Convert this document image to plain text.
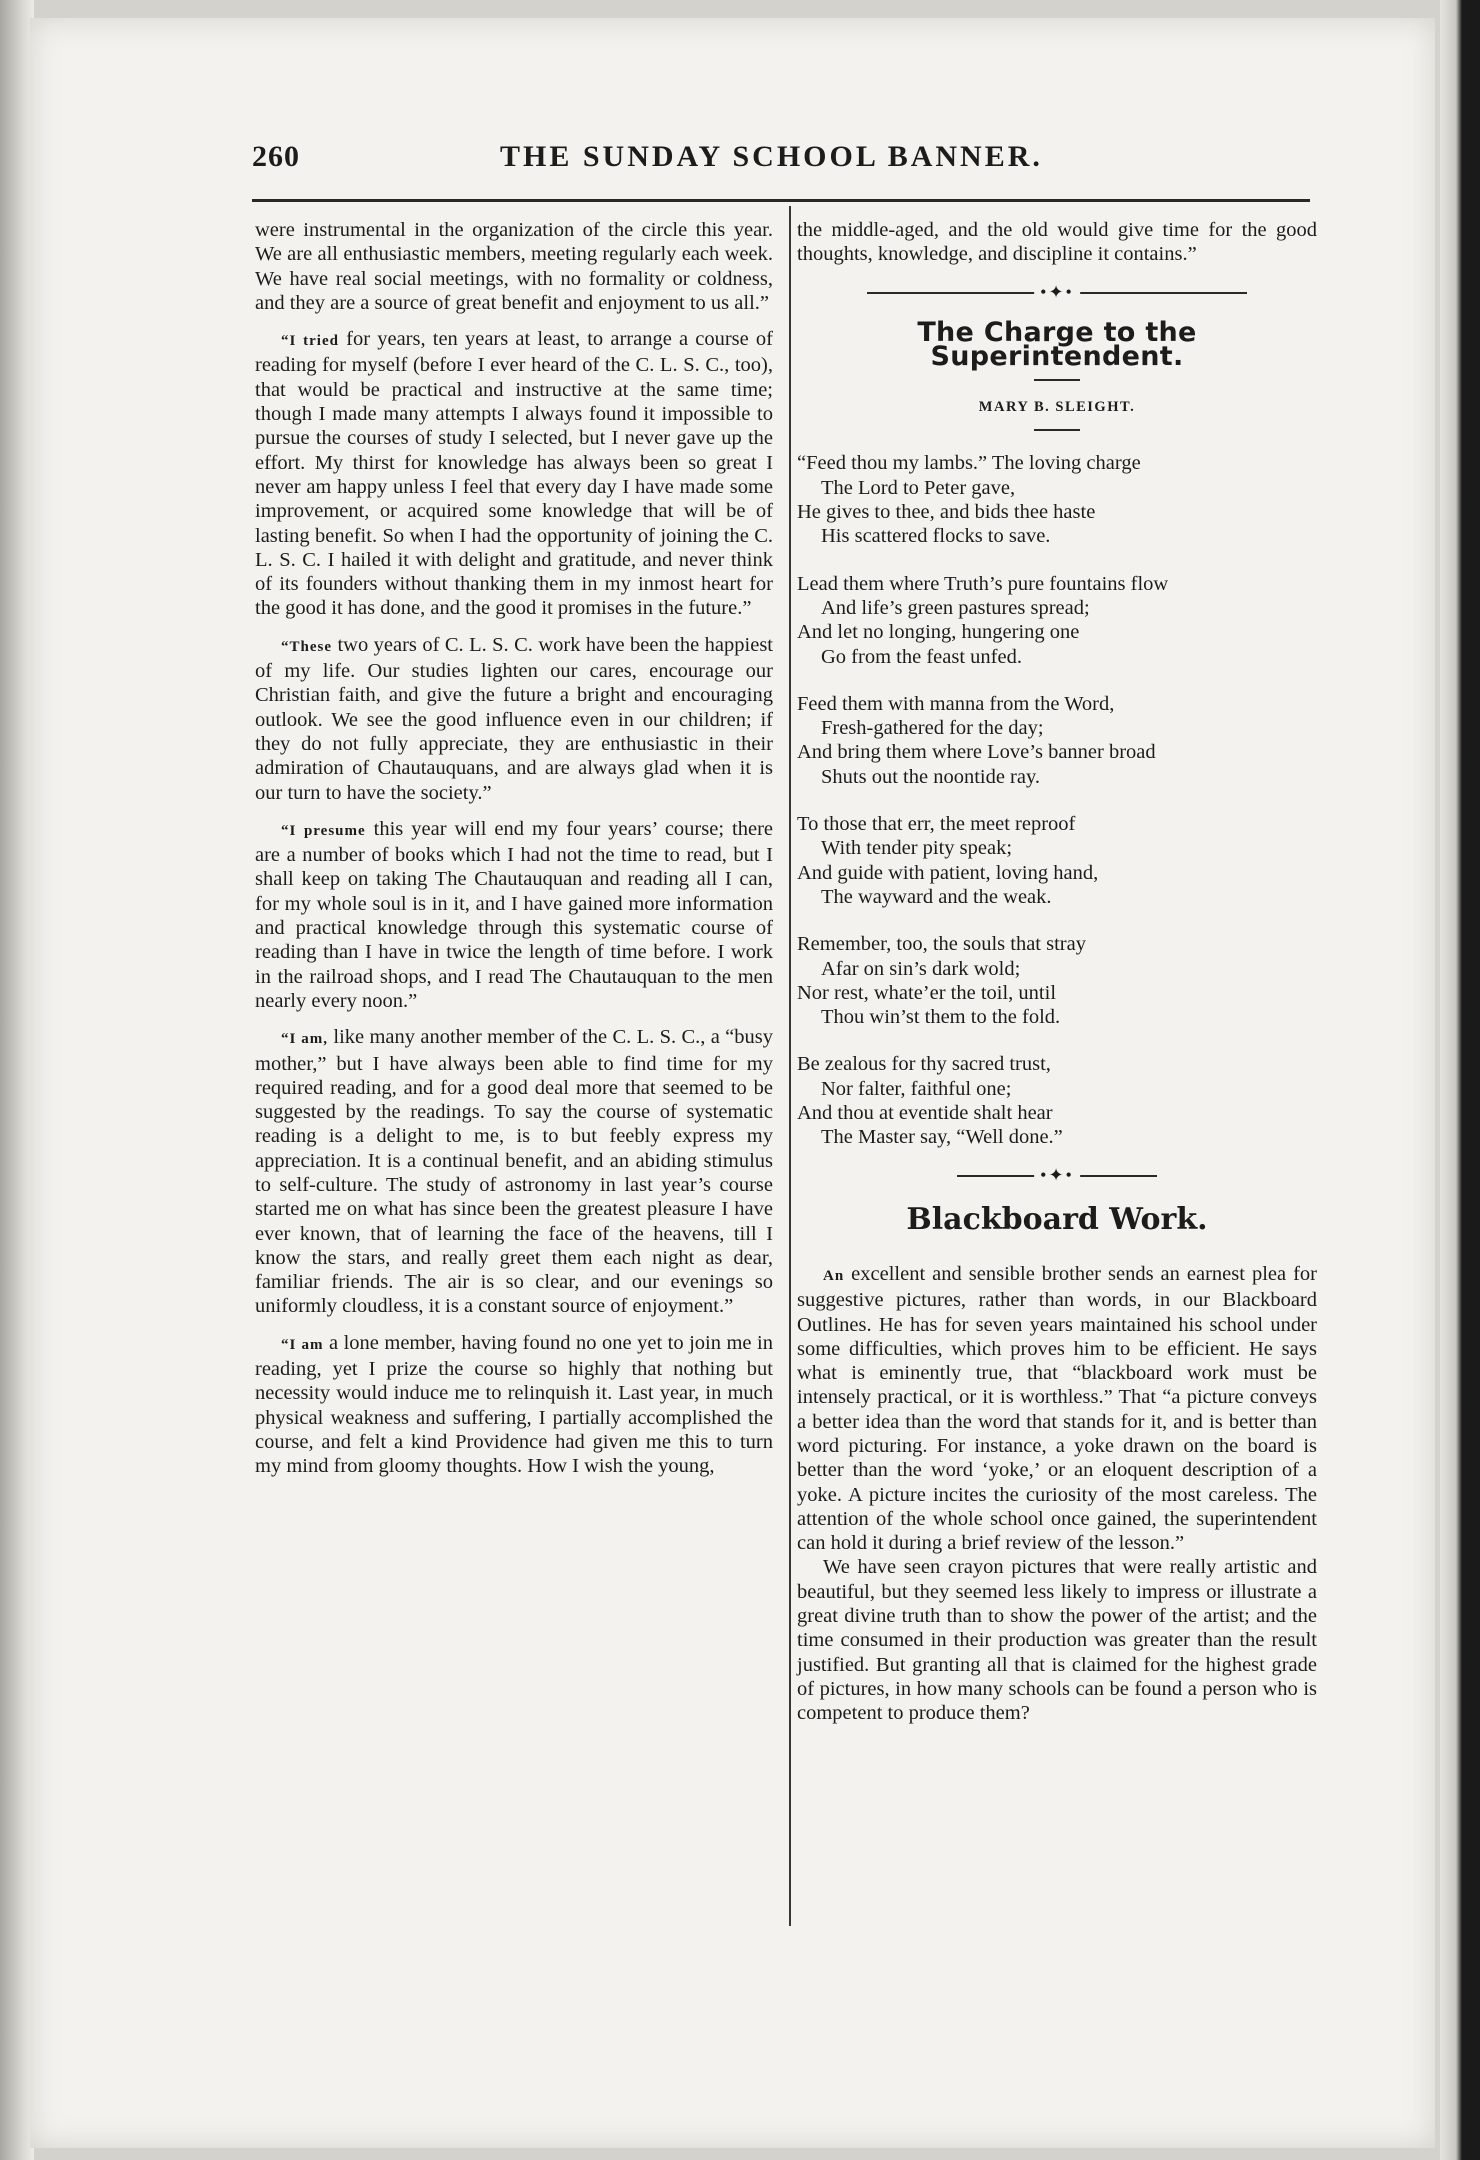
260	THE SUNDAY SCHOOL BANNER.

were instrumental in the organization of the circle this year. We are all enthusiastic members, meeting regularly each week. We have real social meetings, with no formality or coldness, and they are a source of great benefit and enjoyment to us all.”

“I tried for years, ten years at least, to arrange a course of reading for myself (before I ever heard of the C. L. S. C., too), that would be practical and instructive at the same time; though I made many attempts I always found it impossible to pursue the courses of study I selected, but I never gave up the effort. My thirst for knowledge has always been so great I never am happy unless I feel that every day I have made some improvement, or acquired some knowledge that will be of lasting benefit. So when I had the opportunity of joining the C. L. S. C. I hailed it with delight and gratitude, and never think of its founders without thanking them in my inmost heart for the good it has done, and the good it promises in the future.”

“These two years of C. L. S. C. work have been the happiest of my life. Our studies lighten our cares, encourage our Christian faith, and give the future a bright and encouraging outlook. We see the good influence even in our children; if they do not fully appreciate, they are enthusiastic in their admiration of Chautauquans, and are always glad when it is our turn to have the society.”

“I presume this year will end my four years’ course; there are a number of books which I had not the time to read, but I shall keep on taking The Chautauquan and reading all I can, for my whole soul is in it, and I have gained more information and practical knowledge through this systematic course of reading than I have in twice the length of time before. I work in the railroad shops, and I read The Chautauquan to the men nearly every noon.”

“I am, like many another member of the C. L. S. C., a “busy mother,” but I have always been able to find time for my required reading, and for a good deal more that seemed to be suggested by the readings. To say the course of systematic reading is a delight to me, is to but feebly express my appreciation. It is a continual benefit, and an abiding stimulus to self-culture. The study of astronomy in last year’s course started me on what has since been the greatest pleasure I have ever known, that of learning the face of the heavens, till I know the stars, and really greet them each night as dear, familiar friends. The air is so clear, and our evenings so uniformly cloudless, it is a constant source of enjoyment.”

“I am a lone member, having found no one yet to join me in reading, yet I prize the course so highly that nothing but necessity would induce me to relinquish it. Last year, in much physical weakness and suffering, I partially accomplished the course, and felt a kind Providence had given me this to turn my mind from gloomy thoughts. How I wish the young,

the middle-aged, and the old would give time for the good thoughts, knowledge, and discipline it contains.”

•✦•
The Charge to the Superintendent.
MARY B. SLEIGHT.
“Feed thou my lambs.” The loving charge
The Lord to Peter gave,
He gives to thee, and bids thee haste
His scattered flocks to save.
Lead them where Truth’s pure fountains flow
And life’s green pastures spread;
And let no longing, hungering one
Go from the feast unfed.
Feed them with manna from the Word,
Fresh-gathered for the day;
And bring them where Love’s banner broad
Shuts out the noontide ray.
To those that err, the meet reproof
With tender pity speak;
And guide with patient, loving hand,
The wayward and the weak.
Remember, too, the souls that stray
Afar on sin’s dark wold;
Nor rest, whate’er the toil, until
Thou win’st them to the fold.
Be zealous for thy sacred trust,
Nor falter, faithful one;
And thou at eventide shalt hear
The Master say, “Well done.”
•✦•
Blackboard Work.

An excellent and sensible brother sends an earnest plea for suggestive pictures, rather than words, in our Blackboard Outlines. He has for seven years maintained his school under some difficulties, which proves him to be efficient. He says what is eminently true, that “blackboard work must be intensely practical, or it is worthless.” That “a picture conveys a better idea than the word that stands for it, and is better than word picturing. For instance, a yoke drawn on the board is better than the word ‘yoke,’ or an eloquent description of a yoke. A picture incites the curiosity of the most careless. The attention of the whole school once gained, the superintendent can hold it during a brief review of the lesson.”

We have seen crayon pictures that were really artistic and beautiful, but they seemed less likely to impress or illustrate a great divine truth than to show the power of the artist; and the time consumed in their production was greater than the result justified. But granting all that is claimed for the highest grade of pictures, in how many schools can be found a person who is competent to produce them?
